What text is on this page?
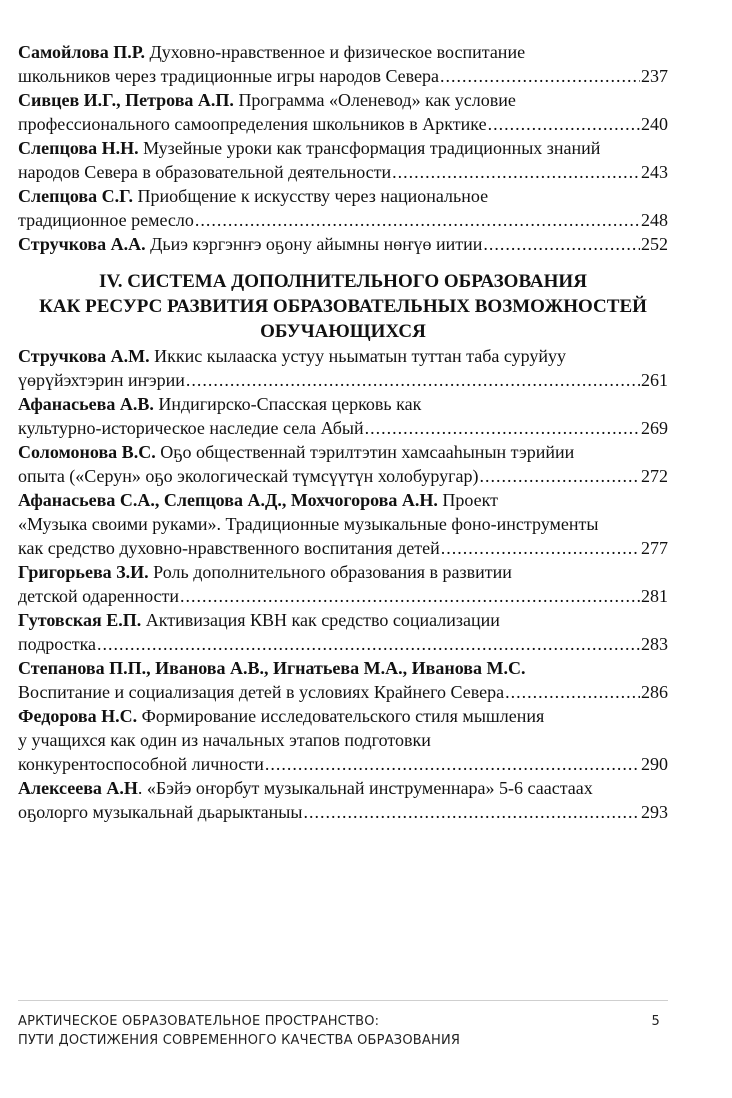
Самойлова П.Р. Духовно-нравственное и физическое воспитание
школьников через традиционные игры народов Севера .....	237
Сивцев И.Г., Петрова А.П. Программа «Оленевод» как условие
профессионального самоопределения школьников в Арктике .....	240
Слепцова Н.Н. Музейные уроки как трансформация традиционных знаний
народов Севера в образовательной деятельности .....	243
Слепцова С.Г. Приобщение к искусству через национальное
традиционное ремесло .....	248
Стручкова А.А. Дьиэ кэргэнҥэ оҕону айымны нөҥүө иитии .....	252
IV. СИСТЕМА ДОПОЛНИТЕЛЬНОГО ОБРАЗОВАНИЯ
КАК РЕСУРС РАЗВИТИЯ ОБРАЗОВАТЕЛЬНЫХ ВОЗМОЖНОСТЕЙ
ОБУЧАЮЩИХСЯ
Стручкова А.М. Иккис кылааска устуу ньыматын туттан таба суруйуу
үөрүйэхтэрин иҥэрии .....	261
Афанасьева А.В. Индигирско-Спасская церковь как
культурно-историческое наследие села Абый .....	269
Соломонова В.С. Оҕо общественнай тэрилтэтин хамсааһынын тэрийии
опыта («Серун» оҕо экологическай түмсүүтүн холобуругар) .....	272
Афанасьева С.А., Слепцова А.Д., Мохчогорова А.Н. Проект
«Музыка своими руками». Традиционные музыкальные фоно-инструменты
как средство духовно-нравственного воспитания детей .....	277
Григорьева З.И. Роль дополнительного образования в развитии
детской одаренности .....	281
Гутовская Е.П. Активизация КВН как средство социализации
подростка .....	283
Степанова П.П., Иванова А.В., Игнатьева М.А., Иванова М.С.
Воспитание и социализация детей в условиях Крайнего Севера .....	286
Федорова Н.С. Формирование исследовательского стиля мышления
у учащихся как один из начальных этапов подготовки
конкурентоспособной личности .....	290
Алексеева А.Н. «Бэйэ оҥорбут музыкальнай инструменнара» 5-6 саастаах
оҕолорго музыкальнай дьарыктаныы .....	293
АРКТИЧЕСКОЕ ОБРАЗОВАТЕЛЬНОЕ ПРОСТРАНСТВО:
ПУТИ ДОСТИЖЕНИЯ СОВРЕМЕННОГО КАЧЕСТВА ОБРАЗОВАНИЯ
5
